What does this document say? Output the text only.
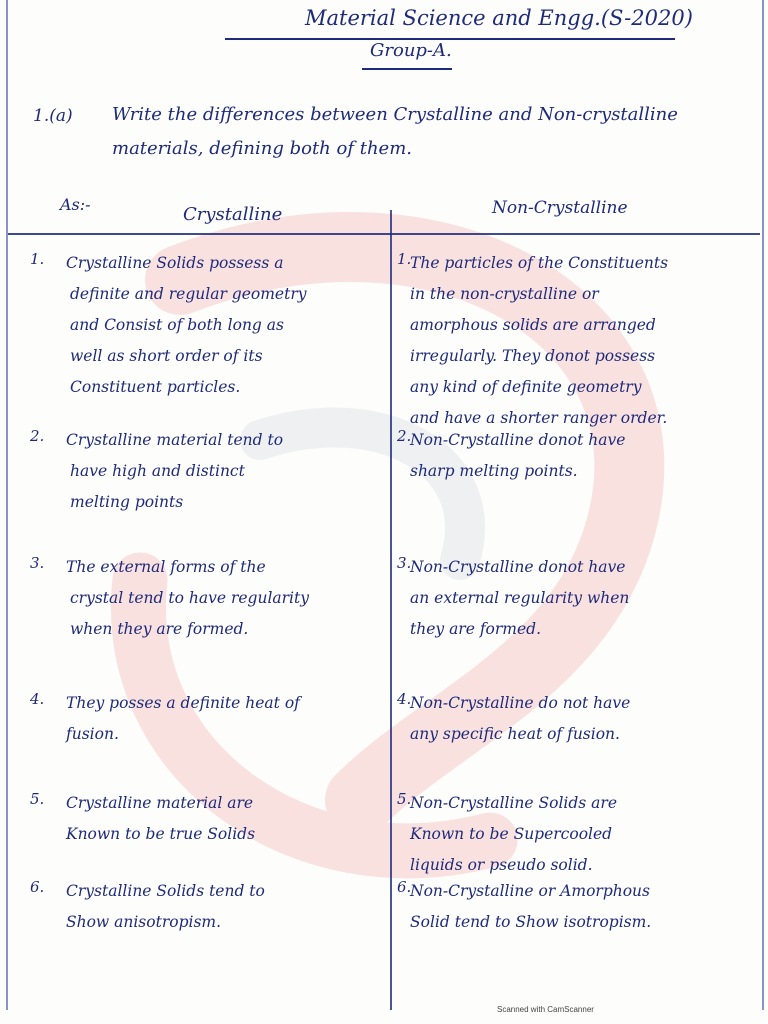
Material Science and Engg.(S-2020)
Group-A.
1.(a) Write the differences between Crystalline and Non-crystalline
materials, defining both of them.
As:-	Crystalline	Non-Crystalline
1. Crystalline Solids possess a
definite and regular geometry
and Consist of both long as
well as short order of its
Constituent particles.
1.
The particles of the Constituents
in the non-crystalline or
amorphous solids are arranged
irregularly. They donot possess
any kind of definite geometry
and have a shorter ranger order.
2. Crystalline material tend to
have high and distinct
melting points
2.
Non-Crystalline donot have
sharp melting points.
3. The external forms of the
crystal tend to have regularity
when they are formed.
3.
Non-Crystalline donot have
an external regularity when
they are formed.
4. They posses a definite heat of
fusion.
4.
Non-Crystalline do not have
any specific heat of fusion.
5. Crystalline material are
Known to be true Solids
5.
Non-Crystalline Solids are
Known to be Supercooled
liquids or pseudo solid.
6. Crystalline Solids tend to
Show anisotropism.
6.
Non-Crystalline or Amorphous
Solid tend to Show isotropism.
Scanned with CamScanner
